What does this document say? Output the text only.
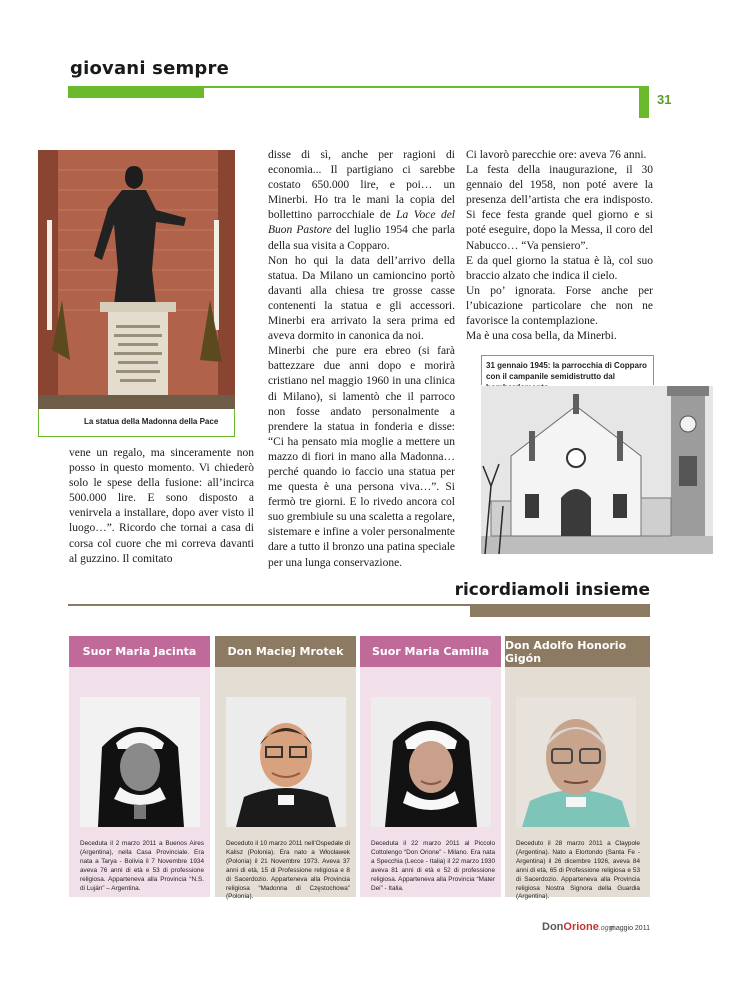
giovani sempre
31
La statua della Madonna della Pace

vene un regalo, ma sinceramente non posso in questo momento. Vi chiederò solo le spese della fusione: all’incirca 500.000 lire. E sono disposto a venirvela a installare, dopo aver visto il luogo…”. Ricordo che tornai a casa di corsa col cuore che mi correva davanti al guzzino. Il comitato

disse di sì, anche per ragioni di economia... Il partigiano ci sarebbe costato 650.000 lire, e poi… un Minerbi. Ho tra le mani la copia del bollettino parrocchiale de La Voce del Buon Pastore del luglio 1954 che parla della sua visita a Copparo.

Non ho qui la data dell’arrivo della statua. Da Milano un camioncino portò davanti alla chiesa tre grosse casse contenenti la statua e gli accessori. Minerbi era arrivato la sera prima ed aveva dormito in canonica da noi.

Minerbi che pure era ebreo (si farà battezzare due anni dopo e morirà cristiano nel maggio 1960 in una clinica di Milano), si lamentò che il parroco non fosse andato personalmente a prendere la statua in fonderia e disse: “Ci ha pensato mia moglie a mettere un mazzo di fiori in mano alla Madonna… perché quando io faccio una statua per me questa è una persona viva…”. Si fermò tre giorni. E lo rivedo ancora col suo grembiule su una scaletta a regolare, sistemare e infine a voler personalmente dare a tutto il bronzo una patina speciale per una lunga conservazione.

Ci lavorò parecchie ore: aveva 76 anni.

La festa della inaugurazione, il 30 gennaio del 1958, non poté avere la presenza dell’artista che era indisposto. Si fece festa grande quel giorno e si poté eseguire, dopo la Messa, il coro del Nabucco… “Va pensiero”.

E da quel giorno la statua è là, col suo braccio alzato che indica il cielo.

Un po’ ignorata. Forse anche per l’ubicazione particolare che non ne favorisce la contemplazione.

Ma è una cosa bella, da Minerbi.

31 gennaio 1945: la parrocchia di Copparo con il campanile semidistrutto dal
ricordiamoli insieme
Suor Maria Jacinta
Deceduta il 2 marzo 2011 a Buenos Aires (Argentina), nella Casa Provinciale. Era nata a Tarya - Bolivia il 7 Novembre 1934 aveva 76 anni di età e 53 di professione religiosa. Apparteneva alla Provincia “N.S. di Luján” – Argentina.
Don Maciej Mrotek
Deceduto il 10 marzo 2011 nell’Ospedale di Kalisz (Polonia). Era nato a Włocławek (Polonia) il 21 Novembre 1973. Aveva 37 anni di età, 15 di Professione religiosa e 8 di Sacerdozio. Apparteneva alla Provincia religiosa “Madonna di Częstochowa” (Polonia).
Suor Maria Camilla
Deceduta il 22 marzo 2011 al Piccolo Cottolengo “Don Orione” - Milano. Era nata a Specchia (Lecce - Italia) il 22 marzo 1930 aveva 81 anni di età e 52 di professione religiosa. Apparteneva alla Provincia “Mater Dei” - Italia.
Don Adolfo Honorio Gigón
Deceduto il 28 marzo 2011 a Claypole (Argentina). Nato a Elortondo (Santa Fe - Argentina) il 26 dicembre 1926, aveva 84 anni di età, 65 di Professione religiosa e 53 di Sacerdozio. Apparteneva alla Provincia religiosa Nostra Signora della Guardia (Argentina).
DonOrione.oggi
maggio 2011
